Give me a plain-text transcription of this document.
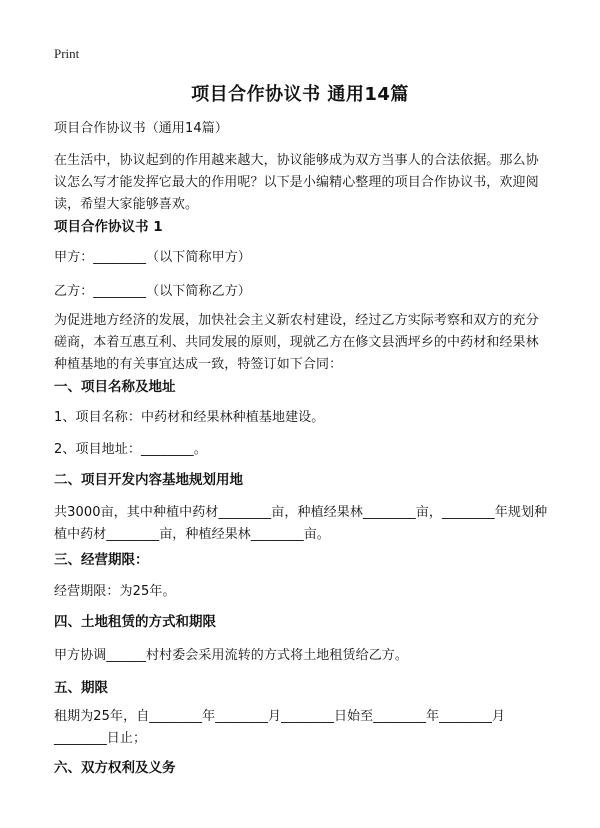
Print
项目合作协议书 通用14篇
项目合作协议书（通用14篇）
在生活中，协议起到的作用越来越大，协议能够成为双方当事人的合法依据。那么协议怎么写才能发挥它最大的作用呢？以下是小编精心整理的项目合作协议书，欢迎阅读，希望大家能够喜欢。
项目合作协议书 1
甲方：________（以下简称甲方）
乙方：________（以下简称乙方）
为促进地方经济的发展，加快社会主义新农村建设，经过乙方实际考察和双方的充分磋商，本着互惠互利、共同发展的原则，现就乙方在修文县洒坪乡的中药材和经果林种植基地的有关事宜达成一致，特签订如下合同：
一、项目名称及地址
1、项目名称：中药材和经果林种植基地建设。
2、项目地址：________。
二、项目开发内容基地规划用地
共3000亩，其中种植中药材________亩，种植经果林________亩，________年规划种植中药材________亩，种植经果林________亩。
三、经营期限：
经营期限：为25年。
四、土地租赁的方式和期限
甲方协调______村村委会采用流转的方式将土地租赁给乙方。
五、期限
租期为25年，自________年________月________日始至________年________月________日止；
六、双方权利及义务
